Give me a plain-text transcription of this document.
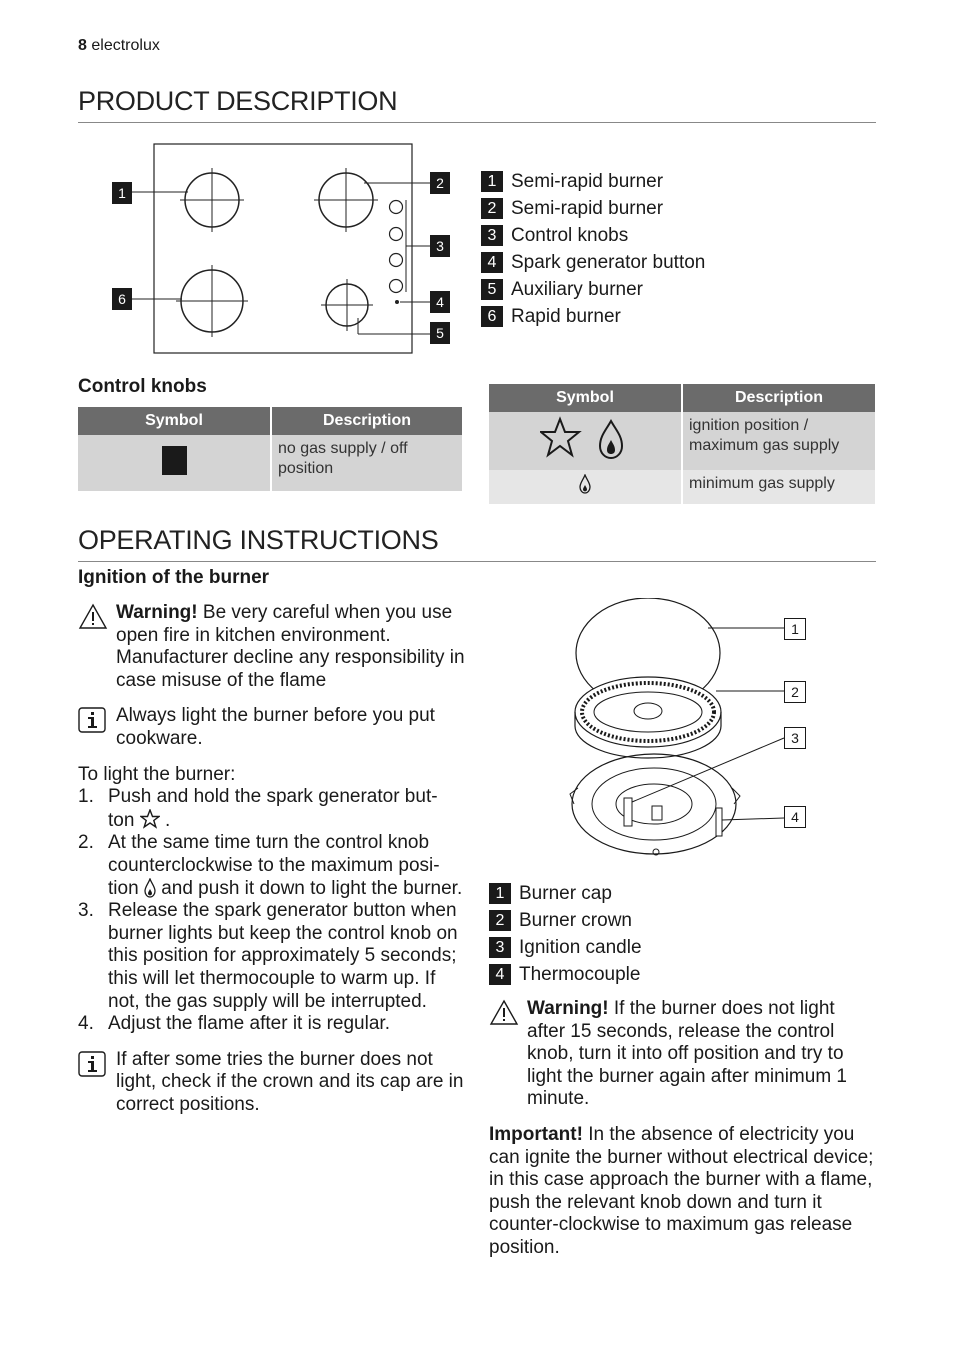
8 electrolux
PRODUCT DESCRIPTION
1
2
3
4
5
6
1 Semi-rapid burner
2 Semi-rapid burner
3 Control knobs
4 Spark generator button
5 Auxiliary burner
6 Rapid burner
Control knobs
Symbol	Description
	no gas supply / off position
Symbol	Description
	ignition position / maximum gas supply
	minimum gas supply
OPERATING INSTRUCTIONS
Ignition of the burner
Warning! Be very careful when you use open fire in kitchen environment. Manufacturer decline any responsibility in case misuse of the flame
Always light the burner before you put cookware.
To light the burner:
1. Push and hold the spark generator but- ton  .
2. At the same time turn the control knob counterclockwise to the maximum posi- tion  and push it down to light the burner.
3. Release the spark generator button when burner lights but keep the control knob on this position for approximately 5 seconds; this will let thermocouple to warm up. If not, the gas supply will be interrupted.
4. Adjust the flame after it is regular.
If after some tries the burner does not light, check if the crown and its cap are in correct positions.
1
2
3
4
1 Burner cap
2 Burner crown
3 Ignition candle
4 Thermocouple
Warning! If the burner does not light after 15 seconds, release the control knob, turn it into off position and try to light the burner again after minimum 1 minute.
Important! In the absence of electricity you can ignite the burner without electrical device; in this case approach the burner with a flame, push the relevant knob down and turn it counter-clockwise to maximum gas release position.
